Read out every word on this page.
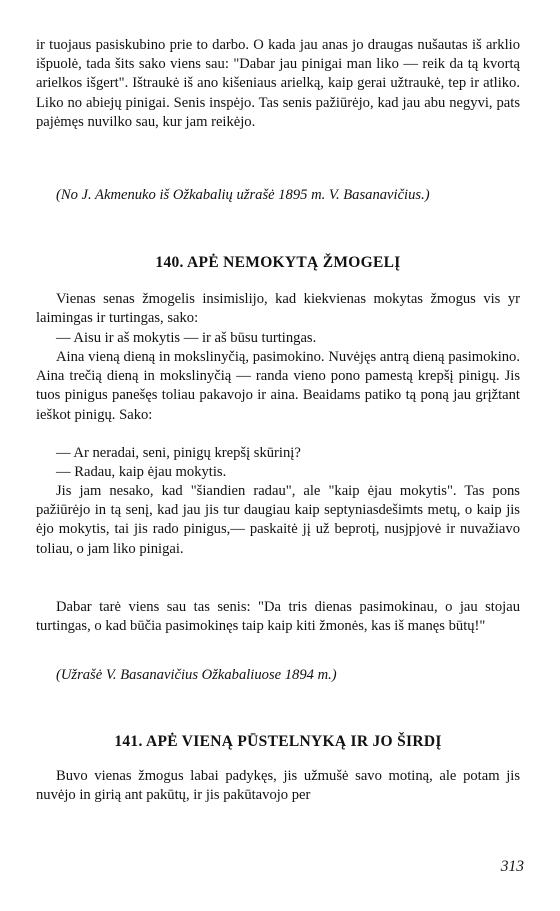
ir tuojaus pasiskubino prie to darbo. O kada jau anas jo draugas nušautas iš arklio išpuolė, tada šits sako viens sau: "Dabar jau pinigai man liko — reik da tą kvortą arielkos išgert". Ištraukė iš ano kišeniaus arielką, kaip gerai užtraukė, tep ir atliko. Liko no abiejų pinigai. Senis inspėjo. Tas senis pažiūrėjo, kad jau abu negyvi, pats pajėmęs nuvilko sau, kur jam reikėjo.

(No J. Akmenuko iš Ožkabalių užrašė 1895 m. V. Basanavičius.)

140. APĖ NEMOKYTĄ ŽMOGELĮ

Vienas senas žmogelis insimislijo, kad kiekvienas mokytas žmogus vis yr laimingas ir turtingas, sako:

— Aisu ir aš mokytis — ir aš būsu turtingas.

Aina vieną dieną in mokslinyčią, pasimokino. Nuvėjęs antrą dieną pasimokino. Aina trečią dieną in mokslinyčią — randa vieno pono pamestą krepšį pinigų. Jis tuos pinigus panešęs toliau pakavojo ir aina. Beaidams patiko tą poną jau grįžtant ieškot pinigų. Sako:

— Ar neradai, seni, pinigų krepšį skūrinį?

— Radau, kaip ėjau mokytis.

Jis jam nesako, kad "šiandien radau", ale "kaip ėjau mokytis". Tas pons pažiūrėjo in tą senį, kad jau jis tur daugiau kaip septyniasdešimts metų, o kaip jis ėjo mokytis, tai jis rado pinigus,— paskaitė jį už beprotį, nusjpjovė ir nuvažiavo toliau, o jam liko pinigai.

Dabar tarė viens sau tas senis: "Da tris dienas pasimokinau, o jau stojau turtingas, o kad būčia pasimokinęs taip kaip kiti žmonės, kas iš manęs būtų!"

(Užrašė V. Basanavičius Ožkabaliuose 1894 m.)

141. APĖ VIENĄ PŪSTELNYKĄ IR JO ŠIRDĮ

Buvo vienas žmogus labai padykęs, jis užmušė savo motiną, ale potam jis nuvėjo in girią ant pakūtų, ir jis pakūtavojo per

313
